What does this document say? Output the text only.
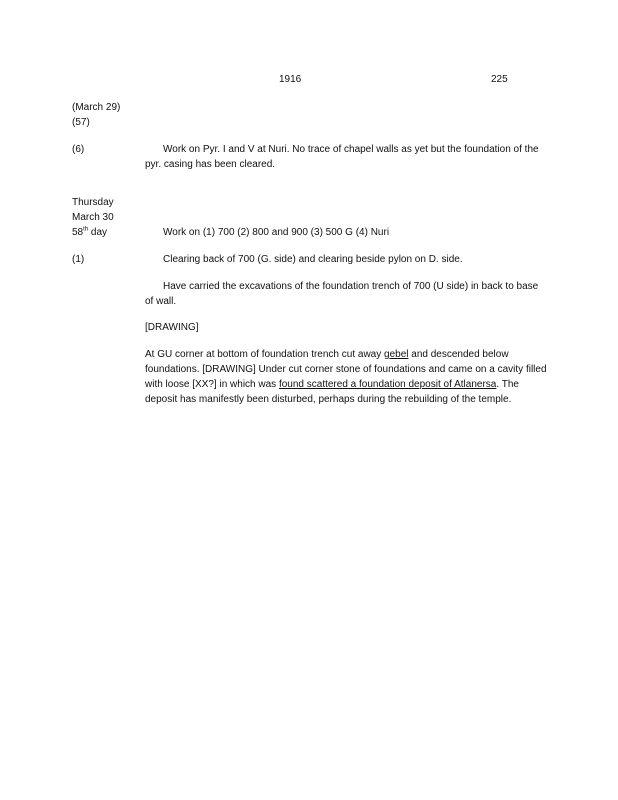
1916	225
(March 29)
(57)
(6)	Work on Pyr. I and V at Nuri. No trace of chapel walls as yet but the foundation of the pyr. casing has been cleared.
Thursday
March 30
58th day	Work on (1) 700 (2) 800 and 900 (3) 500 G (4) Nuri
(1)	Clearing back of 700 (G. side) and clearing beside pylon on D. side.
Have carried the excavations of the foundation trench of 700 (U side) in back to base of wall.
[DRAWING]
At GU corner at bottom of foundation trench cut away gebel and descended below foundations. [DRAWING] Under cut corner stone of foundations and came on a cavity filled with loose [XX?] in which was found scattered a foundation deposit of Atlanersa. The deposit has manifestly been disturbed, perhaps during the rebuilding of the temple.
